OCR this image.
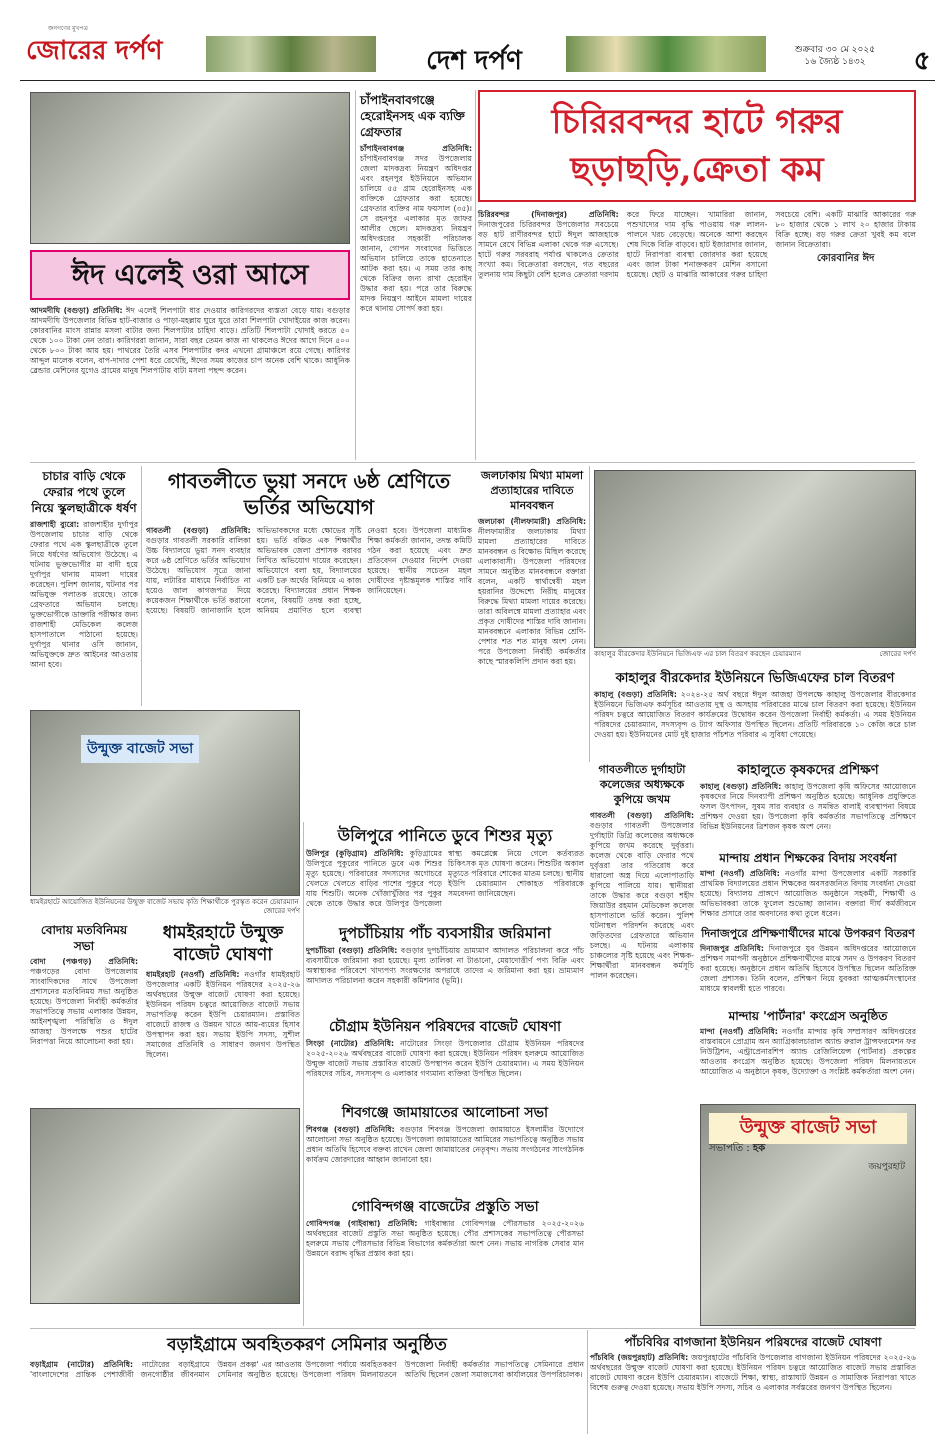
জনগণের মুখপত্র
জোরের দর্পণ	দেশ দর্পণ	শুক্রবার ৩০ মে ২০২৫
১৬ জ্যৈষ্ঠ ১৪৩২	৫
ঈদ এলেই ওরা আসে
আদমদীঘি (বগুড়া) প্রতিনিধি: ঈদ এলেই শিলপাটা ধার দেওয়ার কারিগরদের ব্যস্ততা বেড়ে যায়। বগুড়ার আদমদীঘি উপজেলার বিভিন্ন হাট-বাজার ও পাড়া-মহল্লায় ঘুরে ঘুরে তারা শিলপাটা খোদাইয়ের কাজ করেন। কোরবানির মাংস রান্নার মসলা বাটার জন্য শিলপাটার চাহিদা বাড়ে। প্রতিটি শিলপাটা খোদাই করতে ৫০ থেকে ১০০ টাকা নেন তারা। কারিগররা জানান, সারা বছর তেমন কাজ না থাকলেও ঈদের আগে দিনে ৫০০ থেকে ৮০০ টাকা আয় হয়। পাথরের তৈরি এসব শিলপাটার কদর এখনো গ্রামাঞ্চলে রয়ে গেছে। কারিগর আব্দুল মালেক বলেন, বাপ-দাদার পেশা ধরে রেখেছি, ঈদের সময় কাজের চাপ অনেক বেশি থাকে। আধুনিক ব্লেন্ডার মেশিনের যুগেও গ্রামের মানুষ শিলপাটায় বাটা মসলা পছন্দ করেন।
চাঁপাইনবাবগঞ্জে হেরোইনসহ এক ব্যক্তি গ্রেফতার
চাঁপাইনবাবগঞ্জ প্রতিনিধি: চাঁপাইনবাবগঞ্জ সদর উপজেলায় জেলা মাদকদ্রব্য নিয়ন্ত্রণ অধিদপ্তর এবং রহনপুর ইউনিয়নে অভিযান চালিয়ে ৫৫ গ্রাম হেরোইনসহ এক ব্যক্তিকে গ্রেফতার করা হয়েছে। গ্রেফতার ব্যক্তির নাম ফয়সাল (৩৫)। সে রহনপুর এলাকার মৃত জাফর আলীর ছেলে। মাদকদ্রব্য নিয়ন্ত্রণ অধিদপ্তরের সহকারী পরিচালক জানান, গোপন সংবাদের ভিত্তিতে অভিযান চালিয়ে তাকে হাতেনাতে আটক করা হয়। এ সময় তার কাছ থেকে বিক্রির জন্য রাখা হেরোইন উদ্ধার করা হয়। পরে তার বিরুদ্ধে মাদক নিয়ন্ত্রণ আইনে মামলা দায়ের করে থানায় সোপর্দ করা হয়।
চিরিরবন্দর হাটে গরুর ছড়াছড়ি,ক্রেতা কম
চিরিরবন্দর (দিনাজপুর) প্রতিনিধি: দিনাজপুরের চিরিরবন্দর উপজেলার সবচেয়ে বড় হাট রাণীরবন্দর হাটে ঈদুল আজহাকে সামনে রেখে বিভিন্ন এলাকা থেকে গরু এসেছে। হাটে গরুর সরবরাহ পর্যাপ্ত থাকলেও ক্রেতার সংখ্যা কম। বিক্রেতারা বলছেন, গত বছরের তুলনায় দাম কিছুটা বেশি হলেও ক্রেতারা দরদাম করে ফিরে যাচ্ছেন। খামারিরা জানান, পশুখাদ্যের দাম বৃদ্ধি পাওয়ায় গরু লালন-পালনে খরচ বেড়েছে। অনেকে আশা করছেন শেষ দিকে বিক্রি বাড়বে। হাট ইজারাদার জানান, হাটে নিরাপত্তা ব্যবস্থা জোরদার করা হয়েছে এবং জাল টাকা শনাক্তকরণ মেশিন বসানো হয়েছে। ছোট ও মাঝারি আকারের গরুর চাহিদা সবচেয়ে বেশি। একটি মাঝারি আকারের গরু ৮০ হাজার থেকে ১ লাখ ২০ হাজার টাকায় বিক্রি হচ্ছে। বড় গরুর ক্রেতা খুবই কম বলে জানান বিক্রেতারা।
কোরবানির ঈদ
চাচার বাড়ি থেকে ফেরার পথে তুলে নিয়ে স্কুলছাত্রীকে ধর্ষণ
রাজশাহী ব্যুরো: রাজশাহীর দুর্গাপুর উপজেলায় চাচার বাড়ি থেকে ফেরার পথে এক স্কুলছাত্রীকে তুলে নিয়ে ধর্ষণের অভিযোগ উঠেছে। এ ঘটনায় ভুক্তভোগীর মা বাদী হয়ে দুর্গাপুর থানায় মামলা দায়ের করেছেন। পুলিশ জানায়, ঘটনার পর অভিযুক্ত পলাতক রয়েছে। তাকে গ্রেফতারে অভিযান চলছে। ভুক্তভোগীকে ডাক্তারি পরীক্ষার জন্য রাজশাহী মেডিকেল কলেজ হাসপাতালে পাঠানো হয়েছে। দুর্গাপুর থানার ওসি জানান, অভিযুক্তকে দ্রুত আইনের আওতায় আনা হবে।
গাবতলীতে ভুয়া সনদে ৬ষ্ঠ শ্রেণিতে ভর্তির অভিযোগ
গাবতলী (বগুড়া) প্রতিনিধি: বগুড়ার গাবতলী সরকারি বালিকা উচ্চ বিদ্যালয়ে ভুয়া সনদ ব্যবহার করে ৬ষ্ঠ শ্রেণিতে ভর্তির অভিযোগ উঠেছে। অভিযোগ সূত্রে জানা যায়, লটারির মাধ্যমে নির্বাচিত না হয়েও জাল কাগজপত্র দিয়ে কয়েকজন শিক্ষার্থীকে ভর্তি করানো হয়েছে। বিষয়টি জানাজানি হলে অভিভাবকদের মধ্যে ক্ষোভের সৃষ্টি হয়। ভর্তি বঞ্চিত এক শিক্ষার্থীর অভিভাবক জেলা প্রশাসক বরাবর লিখিত অভিযোগ দায়ের করেছেন। অভিযোগে বলা হয়, বিদ্যালয়ের একটি চক্র অর্থের বিনিময়ে এ কাজ করেছে। বিদ্যালয়ের প্রধান শিক্ষক বলেন, বিষয়টি তদন্ত করা হচ্ছে, অনিয়ম প্রমাণিত হলে ব্যবস্থা নেওয়া হবে। উপজেলা মাধ্যমিক শিক্ষা কর্মকর্তা জানান, তদন্ত কমিটি গঠন করা হয়েছে এবং দ্রুত প্রতিবেদন দেওয়ার নির্দেশ দেওয়া হয়েছে। স্থানীয় সচেতন মহল দোষীদের দৃষ্টান্তমূলক শাস্তির দাবি জানিয়েছেন।
জলঢাকায় মিথ্যা মামলা প্রত্যাহারের দাবিতে মানববন্ধন
জলঢাকা (নীলফামারী) প্রতিনিধি: নীলফামারীর জলঢাকায় মিথ্যা মামলা প্রত্যাহারের দাবিতে মানববন্ধন ও বিক্ষোভ মিছিল করেছে এলাকাবাসী। উপজেলা পরিষদের সামনে অনুষ্ঠিত মানববন্ধনে বক্তারা বলেন, একটি স্বার্থান্বেষী মহল হয়রানির উদ্দেশ্যে নিরীহ মানুষের বিরুদ্ধে মিথ্যা মামলা দায়ের করেছে। তারা অবিলম্বে মামলা প্রত্যাহার এবং প্রকৃত দোষীদের শাস্তির দাবি জানান। মানববন্ধনে এলাকার বিভিন্ন শ্রেণি-পেশার শত শত মানুষ অংশ নেন। পরে উপজেলা নির্বাহী কর্মকর্তার কাছে স্মারকলিপি প্রদান করা হয়।
কাহালুর বীরকেদার ইউনিয়নে ভিজিএফ এর চাল বিতরণ করছেন চেয়ারম্যান	জোরের দর্পণ
কাহালুর বীরকেদার ইউনিয়নে ভিজিএফের চাল বিতরণ
কাহালু (বগুড়া) প্রতিনিধি: ২০২৪-২৫ অর্থ বছরে ঈদুল আজহা উপলক্ষে কাহালু উপজেলার বীরকেদার ইউনিয়নে ভিজিএফ কর্মসূচির আওতায় দুস্থ ও অসহায় পরিবারের মাঝে চাল বিতরণ করা হয়েছে। ইউনিয়ন পরিষদ চত্বরে আয়োজিত বিতরণ কার্যক্রমের উদ্বোধন করেন উপজেলা নির্বাহী কর্মকর্তা। এ সময় ইউনিয়ন পরিষদের চেয়ারম্যান, সদস্যবৃন্দ ও ট্যাগ অফিসার উপস্থিত ছিলেন। প্রতিটি পরিবারকে ১০ কেজি করে চাল দেওয়া হয়। ইউনিয়নের মোট দুই হাজার পাঁচশত পরিবার এ সুবিধা পেয়েছে।
কাহালুতে কৃষকদের প্রশিক্ষণ
কাহালু (বগুড়া) প্রতিনিধি: কাহালু উপজেলা কৃষি অফিসের আয়োজনে কৃষকদের নিয়ে দিনব্যাপী প্রশিক্ষণ অনুষ্ঠিত হয়েছে। আধুনিক প্রযুক্তিতে ফসল উৎপাদন, সুষম সার ব্যবহার ও সমন্বিত বালাই ব্যবস্থাপনা বিষয়ে প্রশিক্ষণ দেওয়া হয়। উপজেলা কৃষি কর্মকর্তার সভাপতিত্বে প্রশিক্ষণে বিভিন্ন ইউনিয়নের ত্রিশজন কৃষক অংশ নেন।
গাবতলীতে দুর্গাহাটা কলেজের অধ্যক্ষকে কুপিয়ে জখম
গাবতলী (বগুড়া) প্রতিনিধি: বগুড়ার গাবতলী উপজেলার দুর্গাহাটা ডিগ্রি কলেজের অধ্যক্ষকে কুপিয়ে জখম করেছে দুর্বৃত্তরা। কলেজ থেকে বাড়ি ফেরার পথে দুর্বৃত্তরা তার গতিরোধ করে ধারালো অস্ত্র দিয়ে এলোপাতাড়ি কুপিয়ে পালিয়ে যায়। স্থানীয়রা তাকে উদ্ধার করে বগুড়া শহীদ জিয়াউর রহমান মেডিকেল কলেজ হাসপাতালে ভর্তি করেন। পুলিশ ঘটনাস্থল পরিদর্শন করেছে এবং জড়িতদের গ্রেফতারে অভিযান চলছে। এ ঘটনায় এলাকায় চাঞ্চল্যের সৃষ্টি হয়েছে এবং শিক্ষক-শিক্ষার্থীরা মানববন্ধন কর্মসূচি পালন করেছেন।
মান্দায় প্রধান শিক্ষকের বিদায় সংবর্ধনা
মান্দা (নওগাঁ) প্রতিনিধি: নওগাঁর মান্দা উপজেলার একটি সরকারি প্রাথমিক বিদ্যালয়ের প্রধান শিক্ষকের অবসরজনিত বিদায় সংবর্ধনা দেওয়া হয়েছে। বিদ্যালয় প্রাঙ্গণে আয়োজিত অনুষ্ঠানে সহকর্মী, শিক্ষার্থী ও অভিভাবকরা তাকে ফুলেল শুভেচ্ছা জানান। বক্তারা দীর্ঘ কর্মজীবনে শিক্ষার প্রসারে তার অবদানের কথা তুলে ধরেন।
দিনাজপুরে প্রশিক্ষণার্থীদের মাঝে উপকরণ বিতরণ
দিনাজপুর প্রতিনিধি: দিনাজপুরে যুব উন্নয়ন অধিদপ্তরের আয়োজনে প্রশিক্ষণ সমাপনী অনুষ্ঠানে প্রশিক্ষণার্থীদের মাঝে সনদ ও উপকরণ বিতরণ করা হয়েছে। অনুষ্ঠানে প্রধান অতিথি হিসেবে উপস্থিত ছিলেন অতিরিক্ত জেলা প্রশাসক। তিনি বলেন, প্রশিক্ষণ নিয়ে যুবকরা আত্মকর্মসংস্থানের মাধ্যমে স্বাবলম্বী হতে পারবে।
মান্দায় 'পার্টনার' কংগ্রেস অনুষ্ঠিত
মান্দা (নওগাঁ) প্রতিনিধি: নওগাঁর মান্দায় কৃষি সম্প্রসারণ অধিদপ্তরের বাস্তবায়নে প্রোগ্রাম অন অ্যাগ্রিকালচারাল অ্যান্ড রুরাল ট্রান্সফরমেশন ফর নিউট্রিশন, এন্ট্রাপ্রেনারশিপ অ্যান্ড রেজিলিয়েন্স (পার্টনার) প্রকল্পের আওতায় কংগ্রেস অনুষ্ঠিত হয়েছে। উপজেলা পরিষদ মিলনায়তনে আয়োজিত এ অনুষ্ঠানে কৃষক, উদ্যোক্তা ও সংশ্লিষ্ট কর্মকর্তারা অংশ নেন।
উন্মুক্ত বাজেট সভা
সভাপতি : হক
জয়পুরহাট
উন্মুক্ত বাজেট সভা
ধামইরহাটে আয়োজিত ইউনিয়নের উন্মুক্ত বাজেট সভায় কৃতি শিক্ষার্থীকে পুরস্কৃত করেন চেয়ারম্যান
জোরের দর্পণ
উলিপুরে পানিতে ডুবে শিশুর মৃত্যু
উলিপুর (কুড়িগ্রাম) প্রতিনিধি: কুড়িগ্রামের উলিপুরে পুকুরের পানিতে ডুবে এক শিশুর মৃত্যু হয়েছে। পরিবারের সদস্যদের অগোচরে খেলতে খেলতে বাড়ির পাশের পুকুরে পড়ে যায় শিশুটি। অনেক খোঁজাখুঁজির পর পুকুর থেকে তাকে উদ্ধার করে উলিপুর উপজেলা স্বাস্থ্য কমপ্লেক্সে নিয়ে গেলে কর্তব্যরত চিকিৎসক মৃত ঘোষণা করেন। শিশুটির অকাল মৃত্যুতে পরিবারে শোকের মাতম চলছে। স্থানীয় ইউপি চেয়ারম্যান শোকাহত পরিবারকে সমবেদনা জানিয়েছেন।
বোদায় মতবিনিময় সভা
বোদা (পঞ্চগড়) প্রতিনিধি: পঞ্চগড়ের বোদা উপজেলায় সাংবাদিকদের সাথে উপজেলা প্রশাসনের মতবিনিময় সভা অনুষ্ঠিত হয়েছে। উপজেলা নির্বাহী কর্মকর্তার সভাপতিত্বে সভায় এলাকার উন্নয়ন, আইনশৃঙ্খলা পরিস্থিতি ও ঈদুল আজহা উপলক্ষে পশুর হাটের নিরাপত্তা নিয়ে আলোচনা করা হয়।
ধামইরহাটে উন্মুক্ত বাজেট ঘোষণা
ধামইরহাট (নওগাঁ) প্রতিনিধি: নওগাঁর ধামইরহাট উপজেলার একটি ইউনিয়ন পরিষদের ২০২৫-২৬ অর্থবছরের উন্মুক্ত বাজেট ঘোষণা করা হয়েছে। ইউনিয়ন পরিষদ চত্বরে আয়োজিত বাজেট সভায় সভাপতিত্ব করেন ইউপি চেয়ারম্যান। প্রস্তাবিত বাজেটে রাজস্ব ও উন্নয়ন খাতে আয়-ব্যয়ের হিসাব উপস্থাপন করা হয়। সভায় ইউপি সদস্য, সুশীল সমাজের প্রতিনিধি ও সাধারণ জনগণ উপস্থিত ছিলেন।
দুপচাঁচিয়ায় পাঁচ ব্যবসায়ীর জরিমানা
দুপচাঁচিয়া (বগুড়া) প্রতিনিধি: বগুড়ার দুপচাঁচিয়ায় ভ্রাম্যমাণ আদালত পরিচালনা করে পাঁচ ব্যবসায়ীকে জরিমানা করা হয়েছে। মূল্য তালিকা না টাঙানো, মেয়াদোত্তীর্ণ পণ্য বিক্রি এবং অস্বাস্থ্যকর পরিবেশে খাদ্যপণ্য সংরক্ষণের অপরাধে তাদের এ জরিমানা করা হয়। ভ্রাম্যমাণ আদালত পরিচালনা করেন সহকারী কমিশনার (ভূমি)।
চৌগ্রাম ইউনিয়ন পরিষদের বাজেট ঘোষণা
সিংড়া (নাটোর) প্রতিনিধি: নাটোরের সিংড়া উপজেলার চৌগ্রাম ইউনিয়ন পরিষদের ২০২৫-২০২৬ অর্থবছরের বাজেট ঘোষণা করা হয়েছে। ইউনিয়ন পরিষদ হলরুমে আয়োজিত উন্মুক্ত বাজেট সভায় প্রস্তাবিত বাজেট উপস্থাপন করেন ইউপি চেয়ারম্যান। এ সময় ইউনিয়ন পরিষদের সচিব, সদস্যবৃন্দ ও এলাকার গণ্যমান্য ব্যক্তিরা উপস্থিত ছিলেন।
শিবগঞ্জে জামায়াতের আলোচনা সভা
শিবগঞ্জ (বগুড়া) প্রতিনিধি: বগুড়ার শিবগঞ্জ উপজেলা জামায়াতে ইসলামীর উদ্যোগে আলোচনা সভা অনুষ্ঠিত হয়েছে। উপজেলা জামায়াতের আমিরের সভাপতিত্বে অনুষ্ঠিত সভায় প্রধান অতিথি হিসেবে বক্তব্য রাখেন জেলা জামায়াতের নেতৃবৃন্দ। সভায় সংগঠনের সাংগঠনিক কার্যক্রম জোরদারের আহ্বান জানানো হয়।
গোবিন্দগঞ্জ বাজেটের প্রস্তুতি সভা
গোবিন্দগঞ্জ (গাইবান্ধা) প্রতিনিধি: গাইবান্ধার গোবিন্দগঞ্জ পৌরসভার ২০২৫-২০২৬ অর্থবছরের বাজেট প্রস্তুতি সভা অনুষ্ঠিত হয়েছে। পৌর প্রশাসকের সভাপতিত্বে পৌরসভা হলরুমে সভায় পৌরসভার বিভিন্ন বিভাগের কর্মকর্তারা অংশ নেন। সভায় নাগরিক সেবার মান উন্নয়নে বরাদ্দ বৃদ্ধির প্রস্তাব করা হয়।
বড়াইগ্রামে অবহিতকরণ সেমিনার অনুষ্ঠিত
বড়াইগ্রাম (নাটোর) প্রতিনিধি: নাটোরের বড়াইগ্রামে 'বাংলাদেশের প্রান্তিক পেশাজীবী জনগোষ্ঠীর জীবনমান উন্নয়ন প্রকল্প' এর আওতায় উপজেলা পর্যায়ে অবহিতকরণ সেমিনার অনুষ্ঠিত হয়েছে। উপজেলা পরিষদ মিলনায়তনে উপজেলা নির্বাহী কর্মকর্তার সভাপতিত্বে সেমিনারে প্রধান অতিথি ছিলেন জেলা সমাজসেবা কার্যালয়ের উপপরিচালক।
পাঁচবিবির বাগজানা ইউনিয়ন পরিষদের বাজেট ঘোষণা
পাঁচবিবি (জয়পুরহাট) প্রতিনিধি: জয়পুরহাটের পাঁচবিবি উপজেলার বাগজানা ইউনিয়ন পরিষদের ২০২৫-২৬ অর্থবছরের উন্মুক্ত বাজেট ঘোষণা করা হয়েছে। ইউনিয়ন পরিষদ চত্বরে আয়োজিত বাজেট সভায় প্রস্তাবিত বাজেট ঘোষণা করেন ইউপি চেয়ারম্যান। বাজেটে শিক্ষা, স্বাস্থ্য, রাস্তাঘাট উন্নয়ন ও সামাজিক নিরাপত্তা খাতে বিশেষ গুরুত্ব দেওয়া হয়েছে। সভায় ইউপি সদস্য, সচিব ও এলাকার সর্বস্তরের জনগণ উপস্থিত ছিলেন।
